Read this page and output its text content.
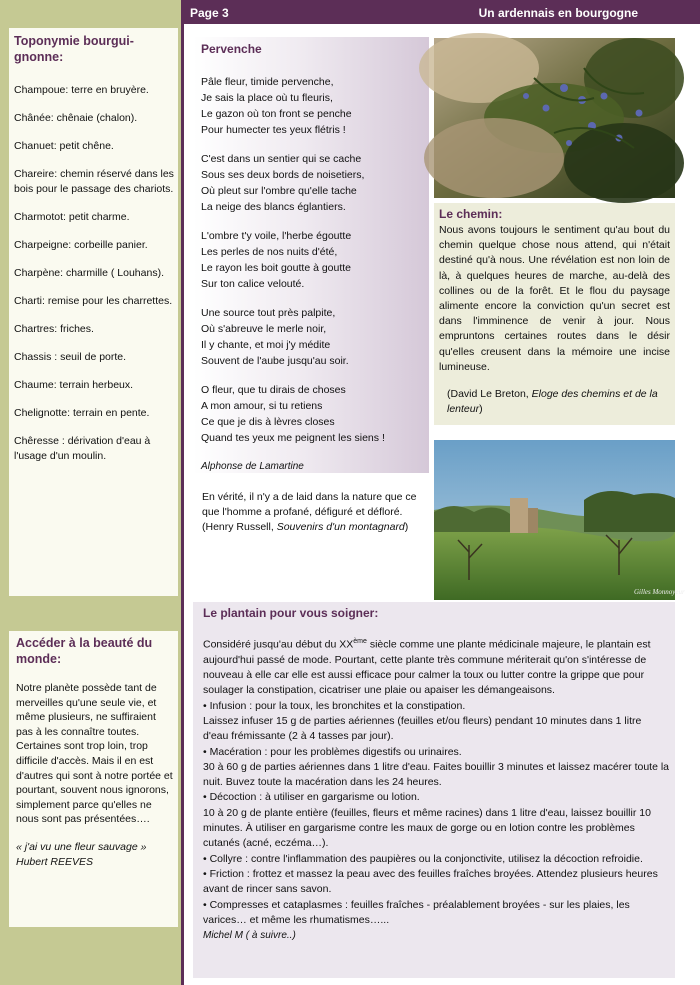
Page 3	Un ardennais en bourgogne
Toponymie bourgui-
gnonne:

Champoue: terre en bruyère.

Chânée: chênaie (chalon).

Chanuet: petit chêne.

Chareire: chemin réservé dans les bois pour le passage des chariots.

Charmotot: petit charme.

Charpeigne: corbeille panier.

Charpène: charmille ( Louhans).

Charti: remise pour les charrettes.

Chartres: friches.

Chassis : seuil de porte.

Chaume: terrain herbeux.

Chelignotte: terrain en pente.

Chêresse : dérivation d'eau à l'usage d'un moulin.

Accéder à la beauté du monde:

Notre planète possède tant de merveilles qu'une seule vie, et même plusieurs, ne suffiraient pas à les connaître toutes. Certaines sont trop loin, trop difficile d'accès. Mais il en est d'autres qui sont à notre portée et pourtant, souvent nous ignorons, simplement parce qu'elles ne nous sont pas présentées….

« j'ai vu une fleur sauvage »
Hubert REEVES

Pervenche

Pâle fleur, timide pervenche,
Je sais la place où tu fleuris,
Le gazon où ton front se penche
Pour humecter tes yeux flétris !

C'est dans un sentier qui se cache
Sous ses deux bords de noisetiers,
Où pleut sur l'ombre qu'elle tache
La neige des blancs églantiers.

L'ombre t'y voile, l'herbe égoutte
Les perles de nos nuits d'été,
Le rayon les boit goutte à goutte
Sur ton calice velouté.

Une source tout près palpite,
Où s'abreuve le merle noir,
Il y chante, et moi j'y médite
Souvent de l'aube jusqu'au soir.

O fleur, que tu dirais de choses
A mon amour, si tu retiens
Ce que je dis à lèvres closes
Quand tes yeux me peignent les siens !

Alphonse de Lamartine

En vérité, il n'y a de laid dans la nature que ce que l'homme a profané, défiguré et défloré.
(Henry Russell, Souvenirs d'un montagnard)
Le chemin:

Nous avons toujours le sentiment qu'au bout du chemin quelque chose nous attend, qui n'était destiné qu'à nous. Une révélation est non loin de là, à quelques heures de marche, au-delà des collines ou de la forêt. Et le flou du paysage alimente encore la conviction qu'un secret est dans l'imminence de venir à jour. Nous empruntons certaines routes dans le désir qu'elles creusent dans la mémoire une incise lumineuse.

(David Le Breton, Eloge des chemins et de la lenteur)

Gilles Monnoyeur
Le plantain pour vous soigner:

Considéré jusqu'au début du XXème siècle comme une plante médicinale majeure, le plantain est aujourd'hui passé de mode. Pourtant, cette plante très commune mériterait qu'on s'intéresse de nouveau à elle car elle est aussi efficace pour calmer la toux ou lutter contre la grippe que pour soulager la constipation, cicatriser une plaie ou apaiser les démangeaisons.

• Infusion : pour la toux, les bronchites et la constipation.

Laissez infuser 15 g de parties aériennes (feuilles et/ou fleurs) pendant 10 minutes dans 1 litre d'eau frémissante (2 à 4 tasses par jour).

• Macération : pour les problèmes digestifs ou urinaires.

30 à 60 g de parties aériennes dans 1 litre d'eau. Faites bouillir 3 minutes et laissez macérer toute la nuit. Buvez toute la macération dans les 24 heures.

• Décoction : à utiliser en gargarisme ou lotion.

10 à 20 g de plante entière (feuilles, fleurs et même racines) dans 1 litre d'eau, laissez bouillir 10 minutes. À utiliser en gargarisme contre les maux de gorge ou en lotion contre les problèmes cutanés (acné, eczéma…).

• Collyre : contre l'inflammation des paupières ou la conjonctivite, utilisez la décoction refroidie.

• Friction : frottez et massez la peau avec des feuilles fraîches broyées. Attendez plusieurs heures avant de rincer sans savon.

• Compresses et cataplasmes : feuilles fraîches - préalablement broyées - sur les plaies, les varices… et même les rhumatismes…...

Michel M ( à suivre..)
